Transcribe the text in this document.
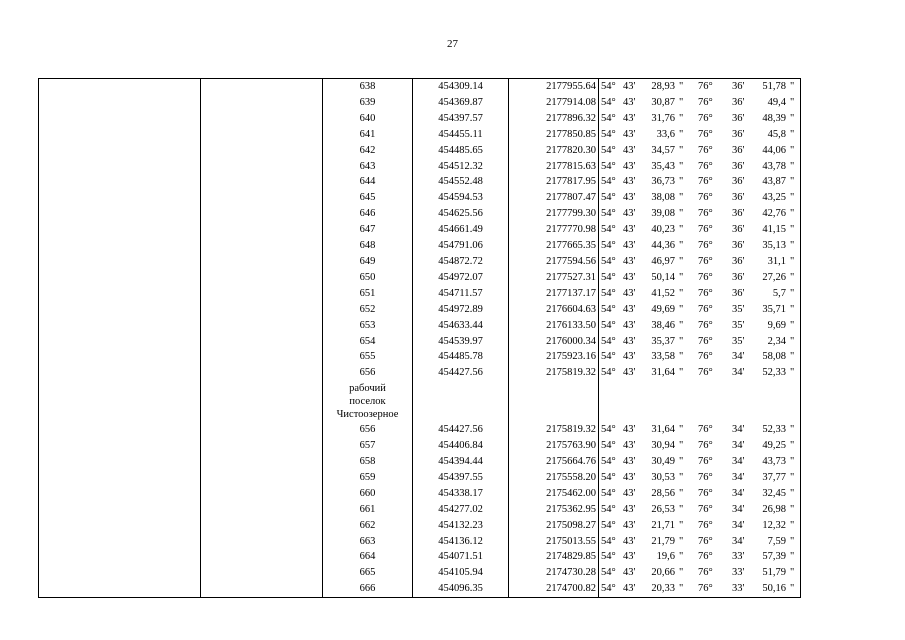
27
		638	454309.14	2177955.64	54°	43'	28,93	"	76°	36'	51,78	"
		639	454369.87	2177914.08	54°	43'	30,87	"	76°	36'	49,4	"
		640	454397.57	2177896.32	54°	43'	31,76	"	76°	36'	48,39	"
		641	454455.11	2177850.85	54°	43'	33,6	"	76°	36'	45,8	"
		642	454485.65	2177820.30	54°	43'	34,57	"	76°	36'	44,06	"
		643	454512.32	2177815.63	54°	43'	35,43	"	76°	36'	43,78	"
		644	454552.48	2177817.95	54°	43'	36,73	"	76°	36'	43,87	"
		645	454594.53	2177807.47	54°	43'	38,08	"	76°	36'	43,25	"
		646	454625.56	2177799.30	54°	43'	39,08	"	76°	36'	42,76	"
		647	454661.49	2177770.98	54°	43'	40,23	"	76°	36'	41,15	"
		648	454791.06	2177665.35	54°	43'	44,36	"	76°	36'	35,13	"
		649	454872.72	2177594.56	54°	43'	46,97	"	76°	36'	31,1	"
		650	454972.07	2177527.31	54°	43'	50,14	"	76°	36'	27,26	"
		651	454711.57	2177137.17	54°	43'	41,52	"	76°	36'	5,7	"
		652	454972.89	2176604.63	54°	43'	49,69	"	76°	35'	35,71	"
		653	454633.44	2176133.50	54°	43'	38,46	"	76°	35'	9,69	"
		654	454539.97	2176000.34	54°	43'	35,37	"	76°	35'	2,34	"
		655	454485.78	2175923.16	54°	43'	33,58	"	76°	34'	58,08	"
		656	454427.56	2175819.32	54°	43'	31,64	"	76°	34'	52,33	"

		рабочий
поселок
Чистоозерное										

		656	454427.56	2175819.32	54°	43'	31,64	"	76°	34'	52,33	"
		657	454406.84	2175763.90	54°	43'	30,94	"	76°	34'	49,25	"
		658	454394.44	2175664.76	54°	43'	30,49	"	76°	34'	43,73	"
		659	454397.55	2175558.20	54°	43'	30,53	"	76°	34'	37,77	"
		660	454338.17	2175462.00	54°	43'	28,56	"	76°	34'	32,45	"
		661	454277.02	2175362.95	54°	43'	26,53	"	76°	34'	26,98	"
		662	454132.23	2175098.27	54°	43'	21,71	"	76°	34'	12,32	"
		663	454136.12	2175013.55	54°	43'	21,79	"	76°	34'	7,59	"
		664	454071.51	2174829.85	54°	43'	19,6	"	76°	33'	57,39	"
		665	454105.94	2174730.28	54°	43'	20,66	"	76°	33'	51,79	"
		666	454096.35	2174700.82	54°	43'	20,33	"	76°	33'	50,16	"
